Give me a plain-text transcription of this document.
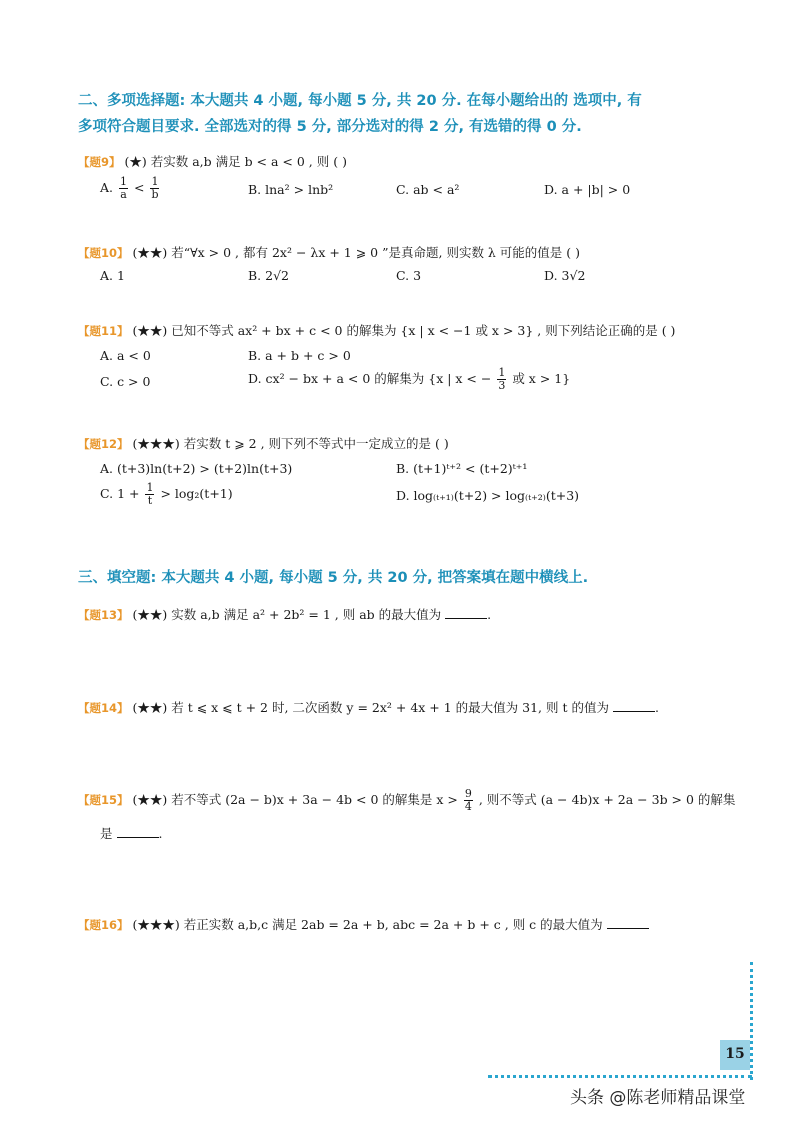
二、多项选择题: 本大题共 4 小题, 每小题 5 分, 共 20 分. 在每小题给出的 选项中, 有
多项符合题目要求. 全部选对的得 5 分, 部分选对的得 2 分, 有选错的得 0 分.
【题9】 (★) 若实数 a,b 满足 b < a < 0 , 则 ( )
A. $\frac{1}{a} < \frac{1}{b}$	B. lna² > lnb²	C. ab < a²	D. a + |b| > 0
【题10】 (★★) 若“∀x > 0 , 都有 2x² − λx + 1 ⩾ 0 ”是真命题, 则实数 λ 可能的值是 ( )
A. 1	B. 2√2	C. 3	D. 3√2
【题11】 (★★) 已知不等式 ax² + bx + c < 0 的解集为 {x | x < −1 或 x > 3} , 则下列结论正确的是 ( )
A. a < 0	B. a + b + c > 0
C. c > 0	D. cx² − bx + a < 0 的解集为 {x | x < − $\frac{1}{3}$ 或 x > 1}
【题12】 (★★★) 若实数 t ⩾ 2 , 则下列不等式中一定成立的是 ( )
A. (t+3)ln(t+2) > (t+2)ln(t+3)	B. (t+1)ᵗ⁺² < (t+2)ᵗ⁺¹
C. $1 + \frac{1}{t} > \log_2(t+1)$	D. log₍ₜ₊₁₎(t+2) > log₍ₜ₊₂₎(t+3)
三、填空题: 本大题共 4 小题, 每小题 5 分, 共 20 分, 把答案填在题中横线上.
【题13】 (★★) 实数 a,b 满足 a² + 2b² = 1 , 则 ab 的最大值为	.
【题14】 (★★) 若 t ⩽ x ⩽ t + 2 时, 二次函数 y = 2x² + 4x + 1 的最大值为 31, 则 t 的值为	.
【题15】 (★★) 若不等式 (2a − b)x + 3a − 4b < 0 的解集是 $x > \frac{9}{4}$ , 则不等式 (a − 4b)x + 2a − 3b > 0 的解集
是	.
【题16】 (★★★) 若正实数 a,b,c 满足 2ab = 2a + b, abc = 2a + b + c , 则 c 的最大值为
15
头条 @陈老师精品课堂
